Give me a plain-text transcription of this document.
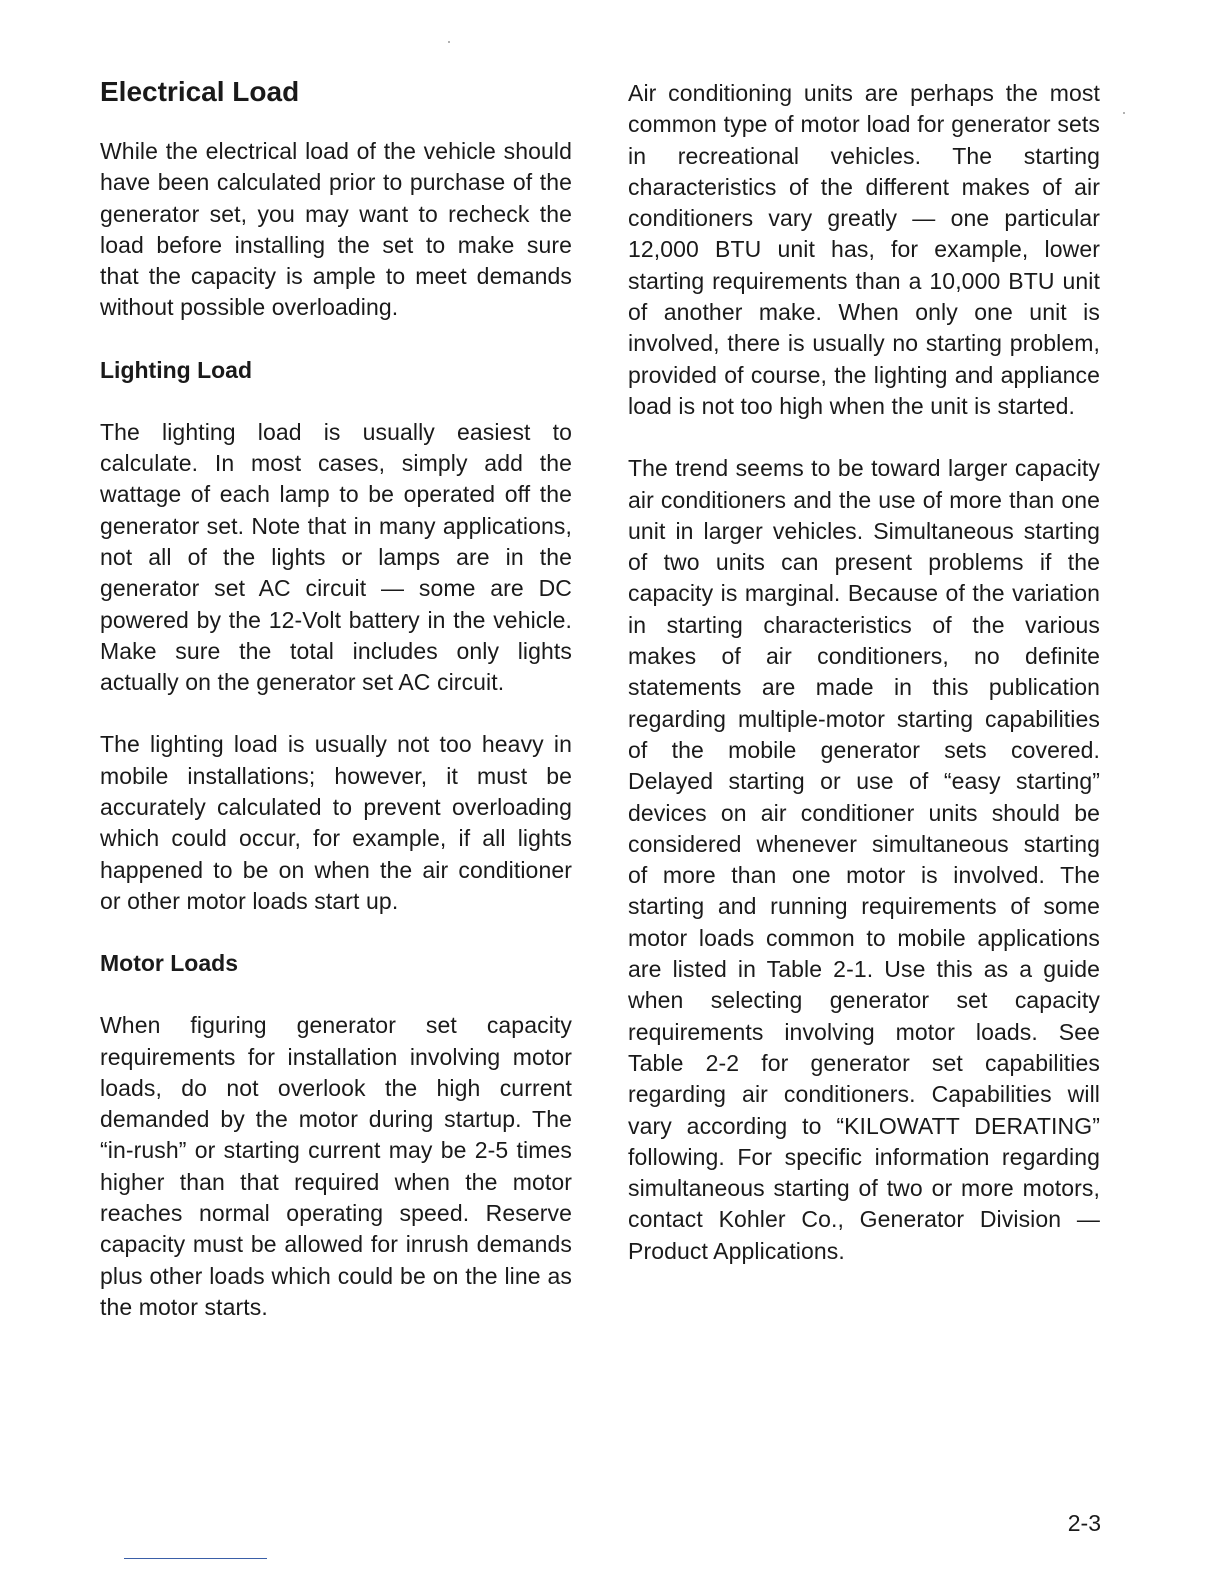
Electrical Load

While the electrical load of the vehicle should have been calculated prior to purchase of the generator set, you may want to recheck the load before installing the set to make sure that the capacity is ample to meet demands without possible overloading.

Lighting Load

The lighting load is usually easiest to calculate. In most cases, simply add the wattage of each lamp to be operated off the generator set. Note that in many applications, not all of the lights or lamps are in the generator set AC circuit — some are DC powered by the 12-Volt battery in the vehicle. Make sure the total includes only lights actually on the generator set AC circuit.

The lighting load is usually not too heavy in mobile installations; however, it must be accurately calculated to prevent overloading which could occur, for example, if all lights happened to be on when the air conditioner or other motor loads start up.

Motor Loads

When figuring generator set capacity requirements for installation involving motor loads, do not overlook the high current demanded by the motor during startup. The “in-rush” or starting current may be 2-5 times higher than that required when the motor reaches normal operating speed. Reserve capacity must be allowed for inrush demands plus other loads which could be on the line as the motor starts.

Air conditioning units are perhaps the most common type of motor load for generator sets in recreational vehicles. The starting characteristics of the different makes of air conditioners vary greatly — one particular 12,000 BTU unit has, for example, lower starting requirements than a 10,000 BTU unit of another make. When only one unit is involved, there is usually no starting problem, provided of course, the lighting and appliance load is not too high when the unit is started.

The trend seems to be toward larger capacity air conditioners and the use of more than one unit in larger vehicles. Simultaneous starting of two units can present problems if the capacity is marginal. Because of the variation in starting characteristics of the various makes of air conditioners, no definite statements are made in this publication regarding multiple-motor starting capabilities of the mobile generator sets covered. Delayed starting or use of “easy starting” devices on air conditioner units should be considered whenever simultaneous starting of more than one motor is involved. The starting and running requirements of some motor loads common to mobile applications are listed in Table 2-1. Use this as a guide when selecting generator set capacity requirements involving motor loads. See Table 2-2 for generator set capabilities regarding air conditioners. Capabilities will vary according to “KILOWATT DERATING” following. For specific information regarding simultaneous starting of two or more motors, contact Kohler Co., Generator Division — Product Applications.

2-3
